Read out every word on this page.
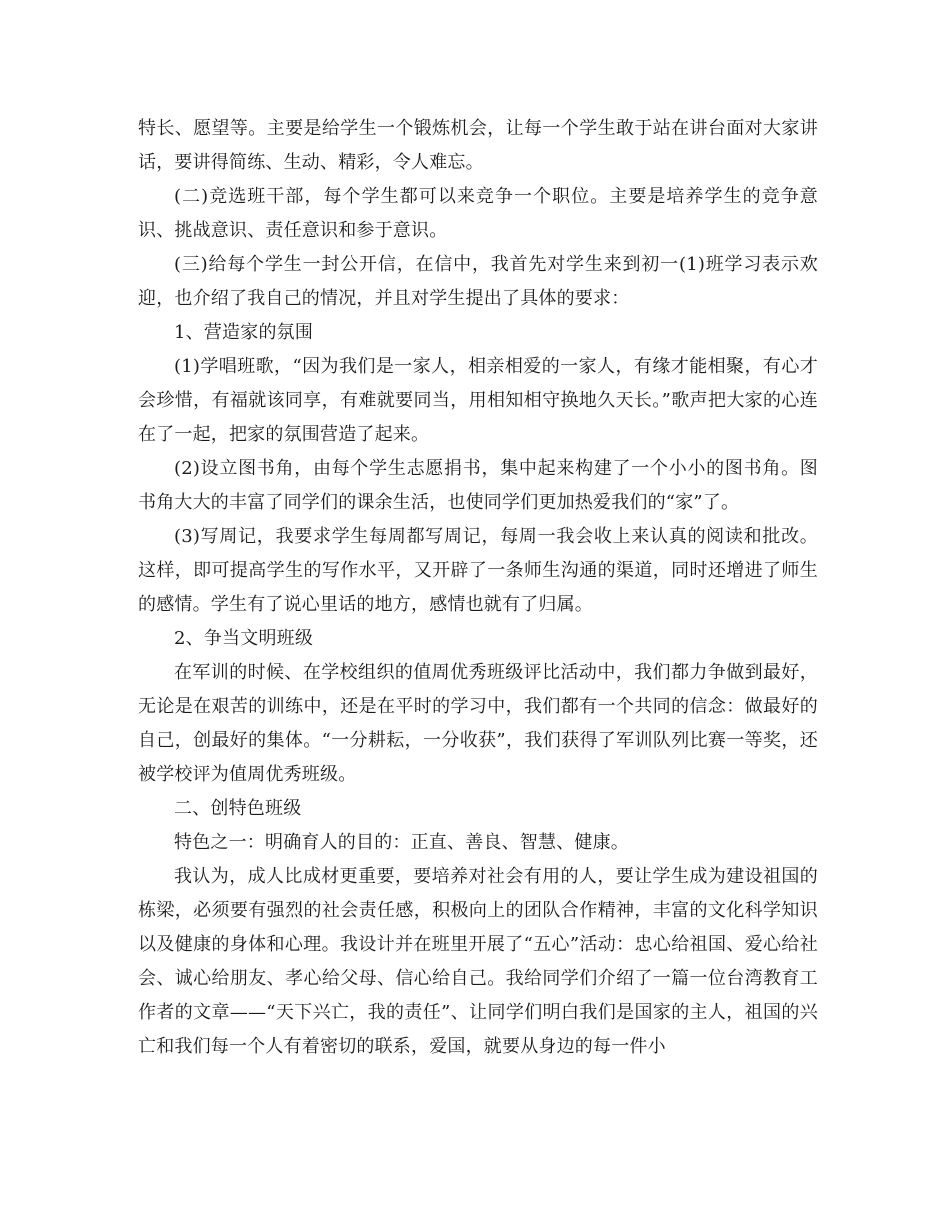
特长、愿望等。主要是给学生一个锻炼机会，让每一个学生敢于站在讲台面对大家讲话，要讲得简练、生动、精彩，令人难忘。

(二)竞选班干部，每个学生都可以来竞争一个职位。主要是培养学生的竞争意识、挑战意识、责任意识和参于意识。

(三)给每个学生一封公开信，在信中，我首先对学生来到初一(1)班学习表示欢迎，也介绍了我自己的情况，并且对学生提出了具体的要求：

1、营造家的氛围

(1)学唱班歌，“因为我们是一家人，相亲相爱的一家人，有缘才能相聚，有心才会珍惜，有福就该同享，有难就要同当，用相知相守换地久天长。”歌声把大家的心连在了一起，把家的氛围营造了起来。

(2)设立图书角，由每个学生志愿捐书，集中起来构建了一个小小的图书角。图书角大大的丰富了同学们的课余生活，也使同学们更加热爱我们的“家”了。

(3)写周记，我要求学生每周都写周记，每周一我会收上来认真的阅读和批改。这样，即可提高学生的写作水平，又开辟了一条师生沟通的渠道，同时还增进了师生的感情。学生有了说心里话的地方，感情也就有了归属。

2、争当文明班级

在军训的时候、在学校组织的值周优秀班级评比活动中，我们都力争做到最好，无论是在艰苦的训练中，还是在平时的学习中，我们都有一个共同的信念：做最好的自己，创最好的集体。“一分耕耘，一分收获”，我们获得了军训队列比赛一等奖，还被学校评为值周优秀班级。

二、创特色班级

特色之一：明确育人的目的：正直、善良、智慧、健康。

我认为，成人比成材更重要，要培养对社会有用的人，要让学生成为建设祖国的栋梁，必须要有强烈的社会责任感，积极向上的团队合作精神，丰富的文化科学知识以及健康的身体和心理。我设计并在班里开展了“五心”活动：忠心给祖国、爱心给社会、诚心给朋友、孝心给父母、信心给自己。我给同学们介绍了一篇一位台湾教育工作者的文章——“天下兴亡，我的责任”、让同学们明白我们是国家的主人，祖国的兴亡和我们每一个人有着密切的联系，爱国，就要从身边的每一件小
